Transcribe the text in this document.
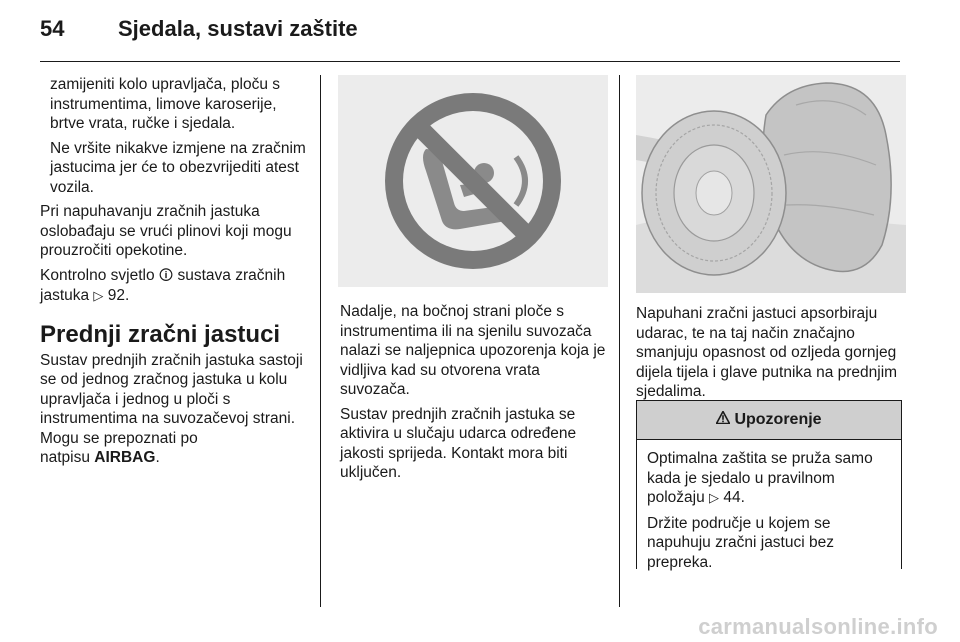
54 Sjedala, sustavi zaštite

zamijeniti kolo upravljača, ploču s instrumentima, limove karoserije, brtve vrata, ručke i sjedala.

Ne vršite nikakve izmjene na zračnim jastucima jer će to obezvrijediti atest vozila.

Pri napuhavanju zračnih jastuka oslobađaju se vrući plinovi koji mogu prouzročiti opekotine.

Kontrolno svjetlo 🛈 sustava zračnih jastuka ▷ 92.

Prednji zračni jastuci

Sustav prednjih zračnih jastuka sastoji se od jednog zračnog jastuka u kolu upravljača i jednog u ploči s instrumentima na suvozačevoj strani. Mogu se prepoznati po

natpisu AIRBAG.

Nadalje, na bočnoj strani ploče s instrumentima ili na sjenilu suvozača nalazi se naljepnica upozorenja koja je vidljiva kad su otvorena vrata suvozača.

Sustav prednjih zračnih jastuka se aktivira u slučaju udarca određene jakosti sprijeda. Kontakt mora biti uključen.

Napuhani zračni jastuci apsorbiraju udarac, te na taj način značajno smanjuju opasnost od ozljeda gornjeg dijela tijela i glave putnika na prednjim sjedalima.

Upozorenje

Optimalna zaštita se pruža samo kada je sjedalo u pravilnom položaju ▷ 44.

Držite područje u kojem se napuhuju zračni jastuci bez prepreka.

carmanualsonline.info
